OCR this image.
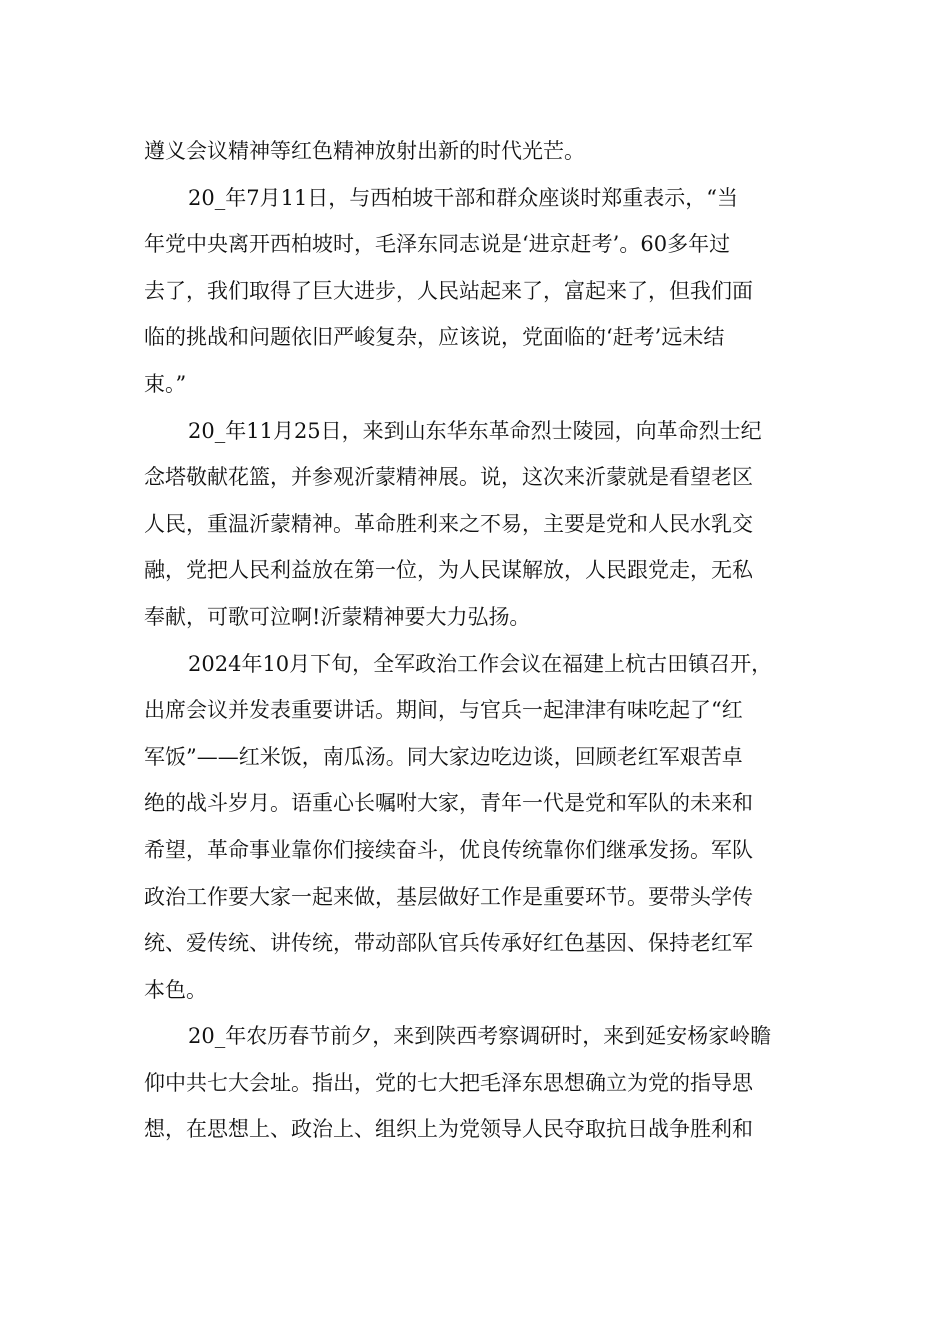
遵义会议精神等红色精神放射出新的时代光芒。
20_年7月11日，与西柏坡干部和群众座谈时郑重表示，“当
年党中央离开西柏坡时，毛泽东同志说是‘进京赶考’。60多年过
去了，我们取得了巨大进步，人民站起来了，富起来了，但我们面
临的挑战和问题依旧严峻复杂，应该说，党面临的‘赶考’远未结
束。”
20_年11月25日，来到山东华东革命烈士陵园，向革命烈士纪
念塔敬献花篮，并参观沂蒙精神展。说，这次来沂蒙就是看望老区
人民，重温沂蒙精神。革命胜利来之不易，主要是党和人民水乳交
融，党把人民利益放在第一位，为人民谋解放，人民跟党走，无私
奉献，可歌可泣啊!沂蒙精神要大力弘扬。
2024年10月下旬，全军政治工作会议在福建上杭古田镇召开，
出席会议并发表重要讲话。期间，与官兵一起津津有味吃起了“红
军饭”——红米饭，南瓜汤。同大家边吃边谈，回顾老红军艰苦卓
绝的战斗岁月。语重心长嘱咐大家，青年一代是党和军队的未来和
希望，革命事业靠你们接续奋斗，优良传统靠你们继承发扬。军队
政治工作要大家一起来做，基层做好工作是重要环节。要带头学传
统、爱传统、讲传统，带动部队官兵传承好红色基因、保持老红军
本色。
20_年农历春节前夕，来到陕西考察调研时，来到延安杨家岭瞻
仰中共七大会址。指出，党的七大把毛泽东思想确立为党的指导思
想，在思想上、政治上、组织上为党领导人民夺取抗日战争胜利和
